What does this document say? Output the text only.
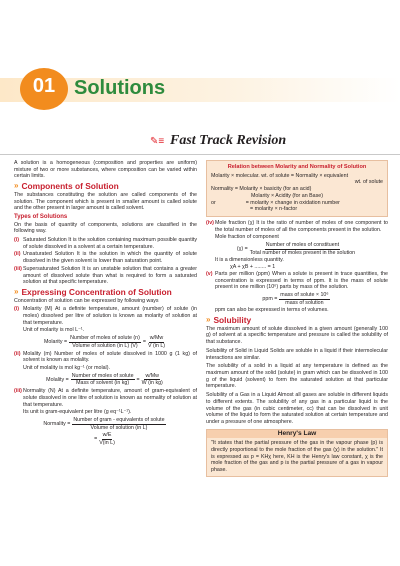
01 Solutions
✎≡ Fast Track Revision

A solution is a homogeneous (composition and properties are uniform) mixture of two or more substances, where composition can be varied within certain limits.

» Components of Solution

The substances constituting the solution are called components of the solution. The component which is present in smaller amount is called solute and the other present in larger amount is called solvent.

Types of Solutions

On the basis of quantity of components, solutions are classified in the following way.

(i) Saturated Solution It is the solution containing maximum possible quantity of solute dissolved in a solvent at a certain temperature.
(ii) Unsaturated Solution It is the solution in which the quantity of solute dissolved in the given solvent is lower than saturation point.
(iii) Supersaturated Solution It is an unstable solution that contains a greater amount of dissolved solute than what is required to form a saturated solution at that specific temperature.
» Expressing Concentration of Solution

Concentration of solution can be expressed by following ways

(i) Molarity (M) At a definite temperature, amount (number) of solute (in moles) dissolved per litre of solution is known as molarity of solution at that temperature.
Unit of molarity is mol L⁻¹.
Molarity =
Number of moles of solute (n)
Volume of solution (in L) (V)
= $\frac{w/Mw}{\text{V (in L)}}$
(ii) Molality (m) Number of moles of solute dissolved in 1000 g (1 kg) of solvent is known as molality.
Unit of molality is mol kg⁻¹ (or molal).
Molality =
Number of moles of solute
Mass of solvent (in kg)
= $\frac{w/Mw}{\text{W (in kg)}}$
(iii) Normality (N) At a definite temperature, amount of gram-equivalent of solute dissolved in one litre of solution is known as normality of solution at that temperature.
Its unit is gram-equivalent per litre (g eq⁻¹L⁻¹).
Normality =
Number of gram - equivalents of solute
Volume of solution (in L)
= $\frac{w/E}{\text{V(in L)}}$
Relation between Molarity and Normality of Solution
Molarity × molecular. wt. of solute = Normality × equivalent
wt. of solute
Normality = Molarity × basicity (for an acid)
Molarity × Acidity (for an Base)
or	= molarity × change in oxidation number
= molarity × n-factor
(iv) Mole fraction (χ) It is the ratio of number of moles of one component to the total number of moles of all the components present in the solution.
Mole fraction of component
(χ) =
Number of moles of constituent
Total number of moles present in the solution
It is a dimensionless quantity.
χA + χB + ........ = 1
(v) Parts per million (ppm) When a solute is present in trace quantities, the concentration is expressed in terms of ppm. It is the mass of solute present in one million (10⁶) parts by mass of the solution.
ppm =
mass of solute × 10⁶
mass of solution
ppm can also be expressed in terms of volumes.
» Solubility

The maximum amount of solute dissolved in a given amount (generally 100 g) of solvent at a specific temperature and pressure is called the solubility of that substance.

Solubility of Solid in Liquid Solids are soluble in a liquid if their intermolecular interactions are similar.

The solubility of a solid in a liquid at any temperature is defined as the maximum amount of the solid (solute) in gram which can be dissolved in 100 g of the liquid (solvent) to form the saturated solution at that particular temperature.

Solubility of a Gas in a Liquid Almost all gases are soluble in different liquids to different extents. The solubility of any gas in a particular liquid is the volume of the gas (in cubic centimeter, cc) that can be dissolved in unit volume of the liquid to form the saturated solution at certain temperature and under a pressure of one atmosphere.

Henry's Law
"It states that the partial pressure of the gas in the vapour phase (p) is directly proportional to the mole fraction of the gas (χ) in the solution." It is expressed as p = KHχ here, KH is the Henry's law constant, χ is the mole fraction of the gas and p is the partial pressure of a gas in vapour phase.
